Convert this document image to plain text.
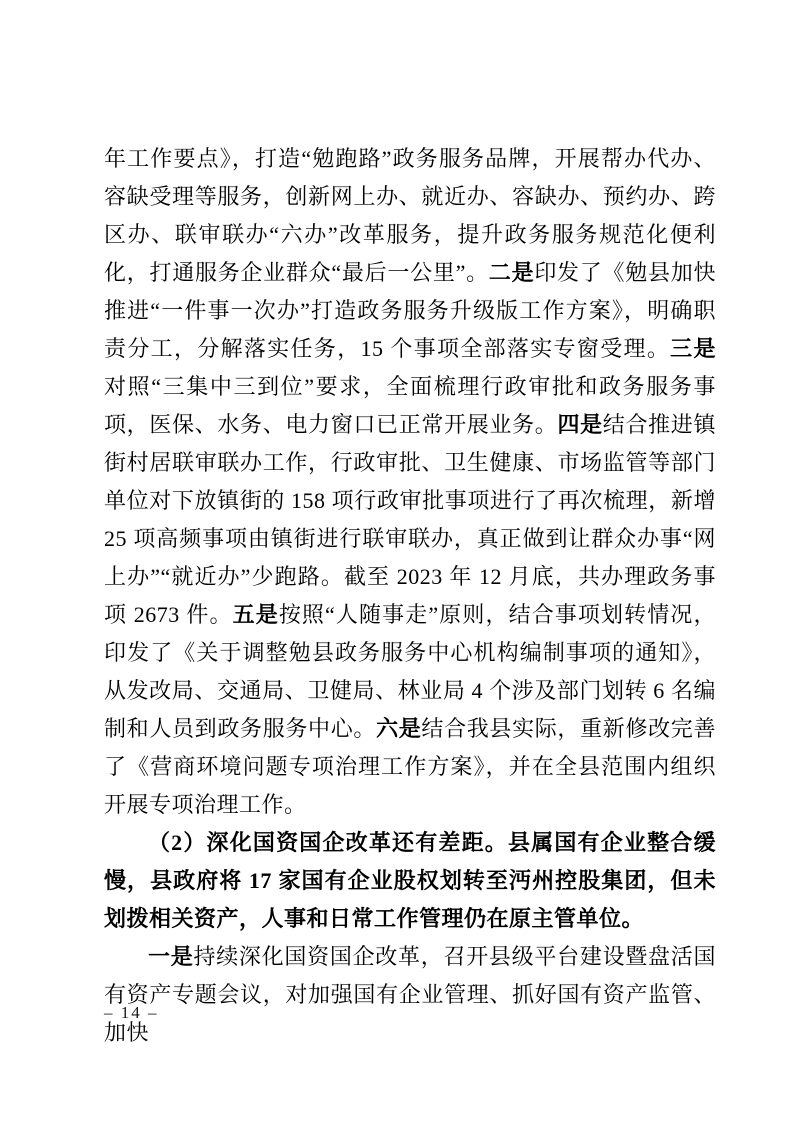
年工作要点》，打造“勉跑路”政务服务品牌，开展帮办代办、容缺受理等服务，创新网上办、就近办、容缺办、预约办、跨区办、联审联办“六办”改革服务，提升政务服务规范化便利化，打通服务企业群众“最后一公里”。二是印发了《勉县加快推进“一件事一次办”打造政务服务升级版工作方案》，明确职责分工，分解落实任务，15 个事项全部落实专窗受理。三是对照“三集中三到位”要求，全面梳理行政审批和政务服务事项，医保、水务、电力窗口已正常开展业务。四是结合推进镇街村居联审联办工作，行政审批、卫生健康、市场监管等部门单位对下放镇街的 158 项行政审批事项进行了再次梳理，新增 25 项高频事项由镇街进行联审联办，真正做到让群众办事“网上办”“就近办”少跑路。截至 2023 年 12 月底，共办理政务事项 2673 件。五是按照“人随事走”原则，结合事项划转情况，印发了《关于调整勉县政务服务中心机构编制事项的通知》，从发改局、交通局、卫健局、林业局 4 个涉及部门划转 6 名编制和人员到政务服务中心。六是结合我县实际，重新修改完善了《营商环境问题专项治理工作方案》，并在全县范围内组织开展专项治理工作。

（2）深化国资国企改革还有差距。县属国有企业整合缓慢，县政府将 17 家国有企业股权划转至沔州控股集团，但未划拨相关资产，人事和日常工作管理仍在原主管单位。

一是持续深化国资国企改革，召开县级平台建设暨盘活国有资产专题会议，对加强国有企业管理、抓好国有资产监管、加快

– 14 –
